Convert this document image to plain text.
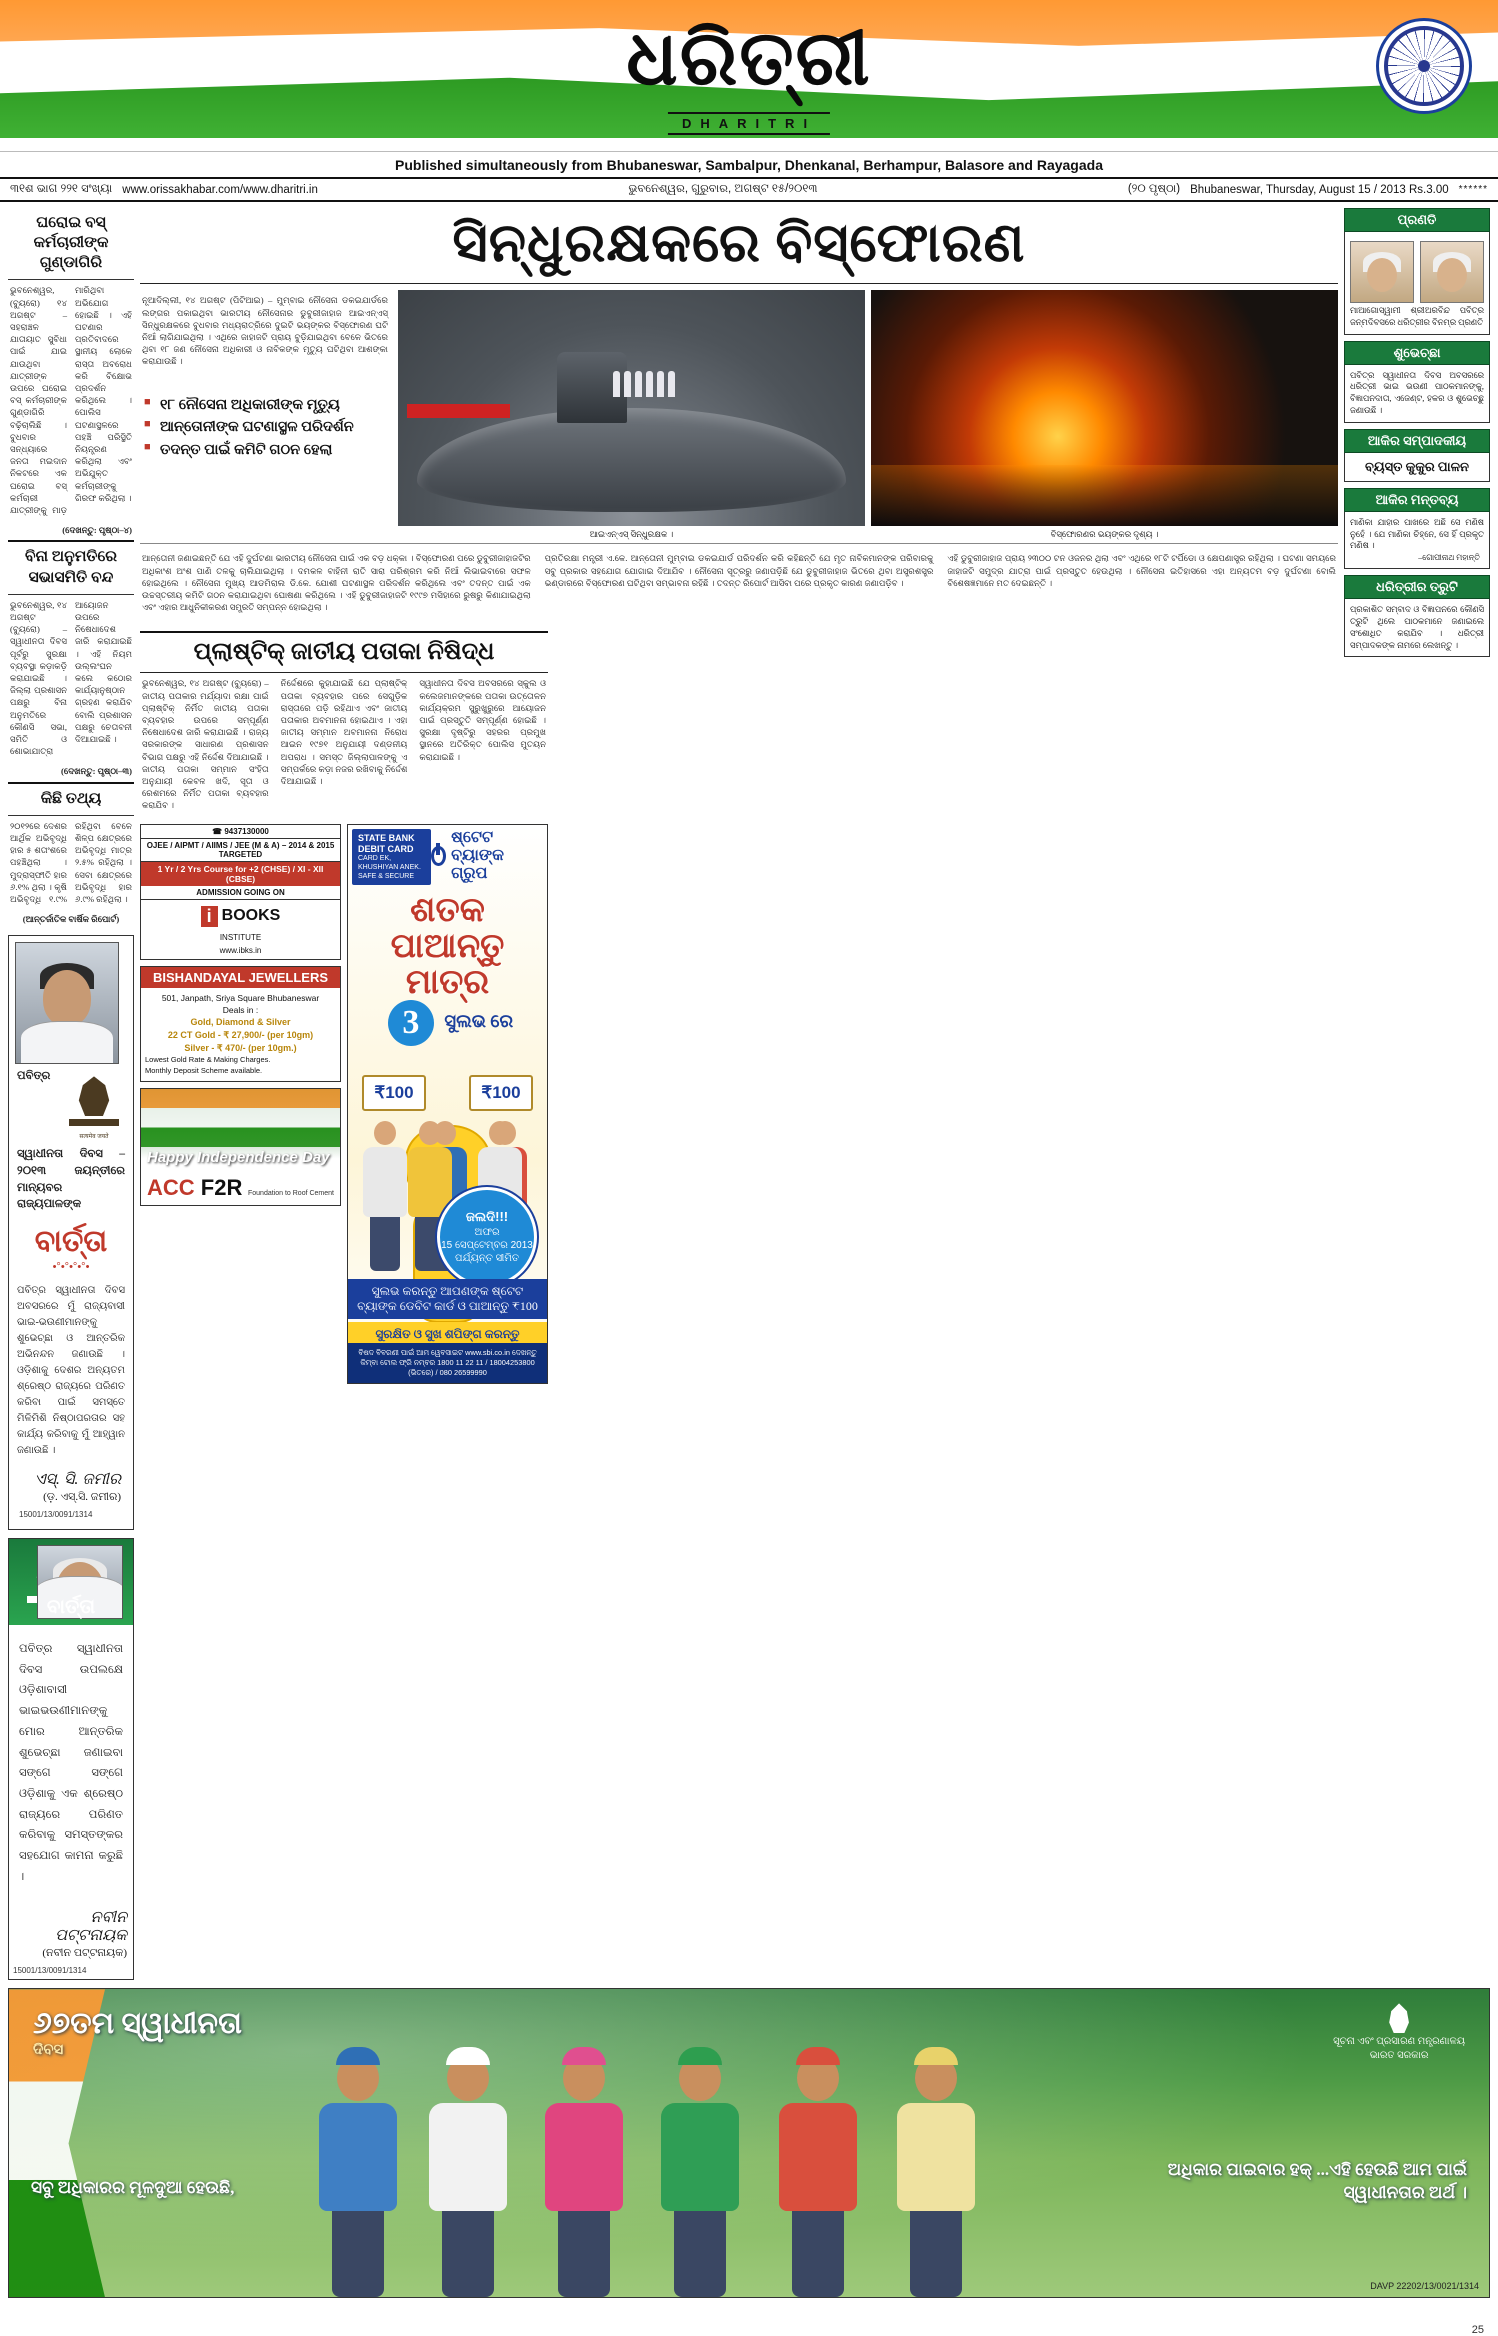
ଧରିତ୍ରୀ
DHARITRI
Published simultaneously from Bhubaneswar, Sambalpur, Dhenkanal, Berhampur, Balasore and Rayagada
୩୧ଶ ଭାଗ ୨୨୧ ସଂଖ୍ୟା www.orissakhabar.com/www.dharitri.in	ଭୁବନେଶ୍ୱର, ଗୁରୁବାର, ଅଗଷ୍ଟ ୧୫/୨୦୧୩	(୨୦ ପୃଷ୍ଠା) Bhubaneswar, Thursday, August 15 / 2013 Rs.3.00 ******
ଘରୋଇ ବସ୍ କର୍ମଚାରୀଙ୍କ ଗୁଣ୍ଡାଗିରି
ଭୁବନେଶ୍ୱର, (ବ୍ୟୁରୋ) ୧୪ ଅଗଷ୍ଟ – ସହରାଞ୍ଚଳ ଯାତାୟାତ ସୁବିଧା ପାଇଁ ଯାଇ ଯାଉଥିବା ଯାତ୍ରୀଙ୍କ ଉପରେ ଘରୋଇ ବସ୍ କର୍ମଚାରୀଙ୍କ ଗୁଣ୍ଡାଗିରି ବଢ଼ିଚାଲିଛି । ବୁଧବାର ସନ୍ଧ୍ୟାରେ ଜନତା ମଇଦାନ ନିକଟରେ ଏକ ଘରୋଇ ବସ୍ କର୍ମଚାରୀ ଯାତ୍ରୀଙ୍କୁ ମାଡ଼ ମାରିଥିବା ଅଭିଯୋଗ ହୋଇଛି । ଏହି ଘଟଣାର ପ୍ରତିବାଦରେ ସ୍ଥାନୀୟ ଲୋକେ ରାସ୍ତା ଅବରୋଧ କରି ବିକ୍ଷୋଭ ପ୍ରଦର୍ଶନ କରିଥିଲେ । ପୋଲିସ ଘଟଣାସ୍ଥଳରେ ପହଞ୍ଚି ପରିସ୍ଥିତି ନିୟନ୍ତ୍ରଣ କରିଥିଲା ଏବଂ ଅଭିଯୁକ୍ତ କର୍ମଚାରୀଙ୍କୁ ଗିରଫ କରିଥିଲା ।
(ଦେଖନ୍ତୁ: ପୃଷ୍ଠା–୪)
ବିନା ଅନୁମତିରେ ସଭାସମିତି ବନ୍ଦ
ଭୁବନେଶ୍ୱର, ୧୪ ଅଗଷ୍ଟ (ବ୍ୟୁରୋ) – ସ୍ୱାଧୀନତା ଦିବସ ପୂର୍ବରୁ ସୁରକ୍ଷା ବ୍ୟବସ୍ଥା କଡ଼ାକଡ଼ି କରାଯାଇଛି । ଜିଲ୍ଲା ପ୍ରଶାସନ ପକ୍ଷରୁ ବିନା ଅନୁମତିରେ କୌଣସି ସଭା, ସମିତି ଓ ଶୋଭାଯାତ୍ରା ଆୟୋଜନ ଉପରେ ନିଷେଧାଦେଶ ଜାରି କରାଯାଇଛି । ଏହି ନିୟମ ଉଲ୍ଲଂଘନ କଲେ କଠୋର କାର୍ଯ୍ୟାନୁଷ୍ଠାନ ଗ୍ରହଣ କରାଯିବ ବୋଲି ପ୍ରଶାସନ ପକ୍ଷରୁ ଚେତାବନୀ ଦିଆଯାଇଛି ।
(ଦେଖନ୍ତୁ: ପୃଷ୍ଠା–୩)
କିଛି ତଥ୍ୟ
୨୦୧୨ରେ ଦେଶର ଆର୍ଥିକ ଅଭିବୃଦ୍ଧି ହାର ୫ ଶତାଂଶରେ ପହଞ୍ଚିଥିଲା । ମୁଦ୍ରାସ୍ଫୀତି ହାର ୬.୧% ଥିଲା । କୃଷି ଅଭିବୃଦ୍ଧି ୧.୯% ରହିଥିବା ବେଳେ ଶିଳ୍ପ କ୍ଷେତ୍ରରେ ଅଭିବୃଦ୍ଧି ମାତ୍ର ୨.୫% ରହିଥିଲା । ସେବା କ୍ଷେତ୍ରରେ ଅଭିବୃଦ୍ଧି ହାର ୬.୯% ରହିଥିଲା ।
(ଆନ୍ତର୍ଜାତିକ ବାର୍ଷିକ ରିପୋର୍ଟ)
सत्यमेव जयते
ପବିତ୍ର ସ୍ୱାଧୀନତା ଦିବସ – ୨୦୧୩ ଜୟନ୍ତୀରେ ମାନ୍ୟବର ରାଜ୍ୟପାଳଙ୍କ
ବାର୍ତ୍ତା
•°•°•°•°•
ପବିତ୍ର ସ୍ୱାଧୀନତା ଦିବସ ଅବସରରେ ମୁଁ ରାଜ୍ୟବାସୀ ଭାଇ-ଭଉଣୀମାନଙ୍କୁ ଶୁଭେଚ୍ଛା ଓ ଆନ୍ତରିକ ଅଭିନନ୍ଦନ ଜଣାଉଛି । ଓଡ଼ିଶାକୁ ଦେଶର ଅନ୍ୟତମ ଶ୍ରେଷ୍ଠ ରାଜ୍ୟରେ ପରିଣତ କରିବା ପାଇଁ ସମସ୍ତେ ମିଳିମିଶି ନିଷ୍ଠାପରତାର ସହ କାର୍ଯ୍ୟ କରିବାକୁ ମୁଁ ଆହ୍ୱାନ ଜଣାଉଛି ।
ଏସ୍. ସି. ଜମୀର
(ଡ଼. ଏସ୍.ସି. ଜମୀର)
15001/13/0091/1314
ବାର୍ତ୍ତା
ପବିତ୍ର ସ୍ୱାଧୀନତା ଦିବସ ଉପଲକ୍ଷେ ଓଡ଼ିଶାବାସୀ ଭାଇଭଉଣୀମାନଙ୍କୁ ମୋର ଆନ୍ତରିକ ଶୁଭେଚ୍ଛା ଜଣାଇବା ସଙ୍ଗେ ସଙ୍ଗେ ଓଡ଼ିଶାକୁ ଏକ ଶ୍ରେଷ୍ଠ ରାଜ୍ୟରେ ପରିଣତ କରିବାକୁ ସମସ୍ତଙ୍କର ସହଯୋଗ କାମନା କରୁଛି ।
ନବୀନ ପଟ୍ଟନାୟକ
(ନବୀନ ପଟ୍ଟନାୟକ)
15001/13/0091/1314
ସିନ୍ଧୁରକ୍ଷକରେ ବିସ୍ଫୋରଣ
ନୂଆଦିଲ୍ଲୀ, ୧୪ ଅଗଷ୍ଟ (ପିଟିଆଇ) – ମୁମ୍ବାଇ ନୌସେନା ଡକଇଯାର୍ଡରେ ଲଙ୍ଗର ପକାଇଥିବା ଭାରତୀୟ ନୌସେନାର ଡୁବୁରୀଜାହାଜ ଆଇଏନ୍ଏସ୍ ସିନ୍ଧୁରକ୍ଷକରେ ବୁଧବାର ମଧ୍ୟରାତ୍ରିରେ ଦୁଇଟି ଭୟଙ୍କର ବିସ୍ଫୋରଣ ଘଟି ନିଆଁ ଲାଗିଯାଇଥିଲା । ଏଥିରେ ଜାହାଜଟି ପ୍ରାୟ ବୁଡ଼ିଯାଇଥିବା ବେଳେ ଭିତରେ ଥିବା ୧୮ ଜଣ ନୌସେନା ଅଧିକାରୀ ଓ ନାବିକଙ୍କ ମୃତ୍ୟୁ ଘଟିଥିବା ଆଶଙ୍କା କରାଯାଉଛି ।
■ ୧୮ ନୌସେନା ଅଧିକାରୀଙ୍କ ମୃତ୍ୟୁ
■ ଆନ୍ତୋନୀଙ୍କ ଘଟଣାସ୍ଥଳ ପରିଦର୍ଶନ
■ ତଦନ୍ତ ପାଇଁ କମିଟି ଗଠନ ହେଲା
ଆଇଏନ୍ଏସ୍ ସିନ୍ଧୁରକ୍ଷକ ।	ବିସ୍ଫୋରଣର ଭୟଙ୍କର ଦୃଶ୍ୟ ।
ଆନ୍ତୋନୀ ଜଣାଇଛନ୍ତି ଯେ ଏହି ଦୁର୍ଘଟଣା ଭାରତୀୟ ନୌସେନା ପାଇଁ ଏକ ବଡ଼ ଧକ୍କା । ବିସ୍ଫୋରଣ ପରେ ଡୁବୁରୀଜାହାଜଟିର ଅଧିକାଂଶ ଅଂଶ ପାଣି ତଳକୁ ଚାଲିଯାଇଥିଲା । ଦମକଳ ବାହିନୀ ରାତି ସାରା ପରିଶ୍ରମ କରି ନିଆଁ ଲିଭାଇବାରେ ସଫଳ ହୋଇଥିଲେ । ନୌସେନା ମୁଖ୍ୟ ଆଡମିରାଲ ଡି.କେ. ଯୋଶୀ ଘଟଣାସ୍ଥଳ ପରିଦର୍ଶନ କରିଥିଲେ ଏବଂ ତଦନ୍ତ ପାଇଁ ଏକ ଉଚ୍ଚସ୍ତରୀୟ କମିଟି ଗଠନ କରାଯାଇଥିବା ଘୋଷଣା କରିଥିଲେ । ଏହି ଡୁବୁରୀଜାହାଜଟି ୧୯୯୭ ମସିହାରେ ରୁଷରୁ କିଣାଯାଇଥିଲା ଏବଂ ଏହାର ଆଧୁନିକୀକରଣ ସମ୍ପ୍ରତି ସମ୍ପନ୍ନ ହୋଇଥିଲା ।
ପ୍ରତିରକ୍ଷା ମନ୍ତ୍ରୀ ଏ.କେ. ଆନ୍ତୋନୀ ମୁମ୍ବାଇ ଡକଇଯାର୍ଡ ପରିଦର୍ଶନ କରି କହିଛନ୍ତି ଯେ ମୃତ ନାବିକମାନଙ୍କ ପରିବାରକୁ ସବୁ ପ୍ରକାର ସହଯୋଗ ଯୋଗାଇ ଦିଆଯିବ । ନୌସେନା ସୂତ୍ରରୁ ଜଣାପଡ଼ିଛି ଯେ ଡୁବୁରୀଜାହାଜ ଭିତରେ ଥିବା ଅସ୍ତ୍ରଶସ୍ତ୍ର ଭଣ୍ଡାରରେ ବିସ୍ଫୋରଣ ଘଟିଥିବା ସମ୍ଭାବନା ରହିଛି । ତଦନ୍ତ ରିପୋର୍ଟ ଆସିବା ପରେ ପ୍ରକୃତ କାରଣ ଜଣାପଡ଼ିବ ।
ଏହି ଡୁବୁରୀଜାହାଜ ପ୍ରାୟ ୨୩୦୦ ଟନ ଓଜନର ଥିଲା ଏବଂ ଏଥିରେ ୧୮ଟି ଟର୍ପିଡୋ ଓ କ୍ଷେପଣାସ୍ତ୍ର ରହିଥିଲା । ଘଟଣା ସମୟରେ ଜାହାଜଟି ସମୁଦ୍ର ଯାତ୍ରା ପାଇଁ ପ୍ରସ୍ତୁତ ହେଉଥିଲା । ନୌସେନା ଇତିହାସରେ ଏହା ଅନ୍ୟତମ ବଡ଼ ଦୁର୍ଘଟଣା ବୋଲି ବିଶେଷଜ୍ଞମାନେ ମତ ଦେଇଛନ୍ତି ।
ପ୍ଲାଷ୍ଟିକ୍ ଜାତୀୟ ପତାକା ନିଷିଦ୍ଧ
ଭୁବନେଶ୍ୱର, ୧୪ ଅଗଷ୍ଟ (ବ୍ୟୁରୋ) – ଜାତୀୟ ପତାକାର ମର୍ଯ୍ୟାଦା ରକ୍ଷା ପାଇଁ ପ୍ଲାଷ୍ଟିକ୍ ନିର୍ମିତ ଜାତୀୟ ପତାକା ବ୍ୟବହାର ଉପରେ ସମ୍ପୂର୍ଣ୍ଣ ନିଷେଧାଦେଶ ଜାରି କରାଯାଇଛି । ରାଜ୍ୟ ସରକାରଙ୍କ ସାଧାରଣ ପ୍ରଶାସନ ବିଭାଗ ପକ୍ଷରୁ ଏହି ନିର୍ଦ୍ଦେଶ ଦିଆଯାଇଛି । ଜାତୀୟ ପତାକା ସମ୍ମାନ ସଂହିତା ଅନୁଯାୟୀ କେବଳ ଖଦି, ସୂତା ଓ ରେଶମରେ ନିର୍ମିତ ପତାକା ବ୍ୟବହାର କରାଯିବ ।
ନିର୍ଦ୍ଦେଶରେ କୁହାଯାଇଛି ଯେ ପ୍ଲାଷ୍ଟିକ୍ ପତାକା ବ୍ୟବହାର ପରେ ସେଗୁଡ଼ିକ ରାସ୍ତାରେ ପଡ଼ି ରହିଥାଏ ଏବଂ ଜାତୀୟ ପତାକାର ଅବମାନନା ହୋଇଥାଏ । ଏହା ଜାତୀୟ ସମ୍ମାନ ଅବମାନନା ନିରୋଧ ଆଇନ ୧୯୭୧ ଅନୁଯାୟୀ ଦଣ୍ଡନୀୟ ଅପରାଧ । ସମସ୍ତ ଜିଲ୍ଲାପାଳଙ୍କୁ ଏ ସମ୍ପର୍କରେ କଡ଼ା ନଜର ରଖିବାକୁ ନିର୍ଦ୍ଦେଶ ଦିଆଯାଇଛି ।
ସ୍ୱାଧୀନତା ଦିବସ ଅବସରରେ ସ୍କୁଲ ଓ କଲେଜମାନଙ୍କରେ ପତାକା ଉତ୍ତୋଳନ କାର୍ଯ୍ୟକ୍ରମ ସୁରୁଖୁରୁରେ ଆୟୋଜନ ପାଇଁ ପ୍ରସ୍ତୁତି ସମ୍ପୂର୍ଣ୍ଣ ହୋଇଛି । ସୁରକ୍ଷା ଦୃଷ୍ଟିରୁ ସହରର ପ୍ରମୁଖ ସ୍ଥାନରେ ଅତିରିକ୍ତ ପୋଲିସ ମୁତୟନ କରାଯାଇଛି ।
☎ 9437130000
OJEE / AIPMT / AIIMS / JEE (M & A) – 2014 & 2015 TARGETED
1 Yr / 2 Yrs Course for +2 (CHSE) / XI - XII (CBSE)
ADMISSION GOING ON
i BOOKS
INSTITUTE
www.ibks.in
BISHANDAYAL JEWELLERS
501, Janpath, Sriya Square Bhubaneswar
Deals in :
Gold, Diamond & Silver
22 CT Gold - ₹ 27,900/- (per 10gm)
Silver - ₹ 470/- (per 10gm.)
Lowest Gold Rate & Making Charges.
Monthly Deposit Scheme available.
Happy Independence Day
ACC F2R Foundation to Roof Cement
STATE BANK
DEBIT CARD
CARD EK, KHUSHIYAN ANEK.
SAFE & SECURE
ଷ୍ଟେଟ ବ୍ୟାଙ୍କ ଗ୍ରୁପ
ଶତକ ପାଆନ୍ତୁ ମାତ୍ର
3 ସୁଲଭ ରେ
₹100	₹100
ଜଲଦି!!!
ଅଫର
15 ସେପ୍ଟେମ୍ବର 2013
ପର୍ଯ୍ୟନ୍ତ ସୀମିତ
ସୁଲଭ କରନ୍ତୁ ଆପଣଙ୍କ ଷ୍ଟେଟ ବ୍ୟାଙ୍କ ଡେବିଟ କାର୍ଡ ଓ ପାଆନ୍ତୁ ₹100
ସୁରକ୍ଷିତ ଓ ସୁଖ ଶପିଙ୍ଗ କରନ୍ତୁ
ବିଷଦ ବିବରଣୀ ପାଇଁ ଆମ ୱେବସାଇଟ www.sbi.co.in ଦେଖନ୍ତୁ କିମ୍ବା ଟୋଲ ଫ୍ରି ନମ୍ବର 1800 11 22 11 / 18004253800 (ଭିତରେ) / 080 26599990
ପ୍ରଣତି
ମାଆଗୋସ୍ୱାମୀ ଶ୍ରୀଅରବିନ୍ଦ ପବିତ୍ର ଜନ୍ମଦିବସରେ ଧରିତ୍ରୀର ବିନମ୍ର ପ୍ରଣତି
ଶୁଭେଚ୍ଛା
ପବିତ୍ର ସ୍ୱାଧୀନତା ଦିବସ ଅବସରରେ ଧରିତ୍ରୀ ଭାଇ ଭଉଣୀ ପାଠକମାନଙ୍କୁ, ବିଜ୍ଞାପନଦାତା, ଏଜେଣ୍ଟ, ହକର ଓ ଶୁଭେଚ୍ଛୁ ଜଣାଉଛି ।
ଆକିର ସମ୍ପାଦକୀୟ
ବ୍ୟସ୍ତ କୁକୁର ପାଳନ
ଆକିର ମନ୍ତବ୍ୟ
ମାଣିକା ଯାହାର ପାଖରେ ଅଛି ସେ ମଣିଷ ନୁହେଁ । ଯେ ମାଣିକା ଚିହ୍ନେ, ସେ ହିଁ ପ୍ରକୃତ ମଣିଷ ।
–ଗୋପୀନାଥ ମହାନ୍ତି
ଧରିତ୍ରୀର ତ୍ରୁଟି
ପ୍ରକାଶିତ ସମ୍ବାଦ ଓ ବିଜ୍ଞାପନରେ କୌଣସି ତ୍ରୁଟି ଥିଲେ ପାଠକମାନେ ଜଣାଇଲେ ସଂଶୋଧିତ କରାଯିବ । ଧରିତ୍ରୀ ସମ୍ପାଦକଙ୍କ ନାମରେ ଲେଖନ୍ତୁ ।
୬୭ତମ ସ୍ୱାଧୀନତା
ଦିବସ
ସୂଚନା ଏବଂ ପ୍ରସାରଣ ମନ୍ତ୍ରଣାଳୟ
ଭାରତ ସରକାର
ସବୁ ଅଧିକାରର ମୂଳଦୁଆ ହେଉଛି,
ଅଧିକାର ପାଇବାର ହକ୍ ...ଏହି ହେଉଛି ଆମ ପାଇଁ ସ୍ୱାଧୀନତାର ଅର୍ଥ ।
DAVP 22202/13/0021/1314
25
